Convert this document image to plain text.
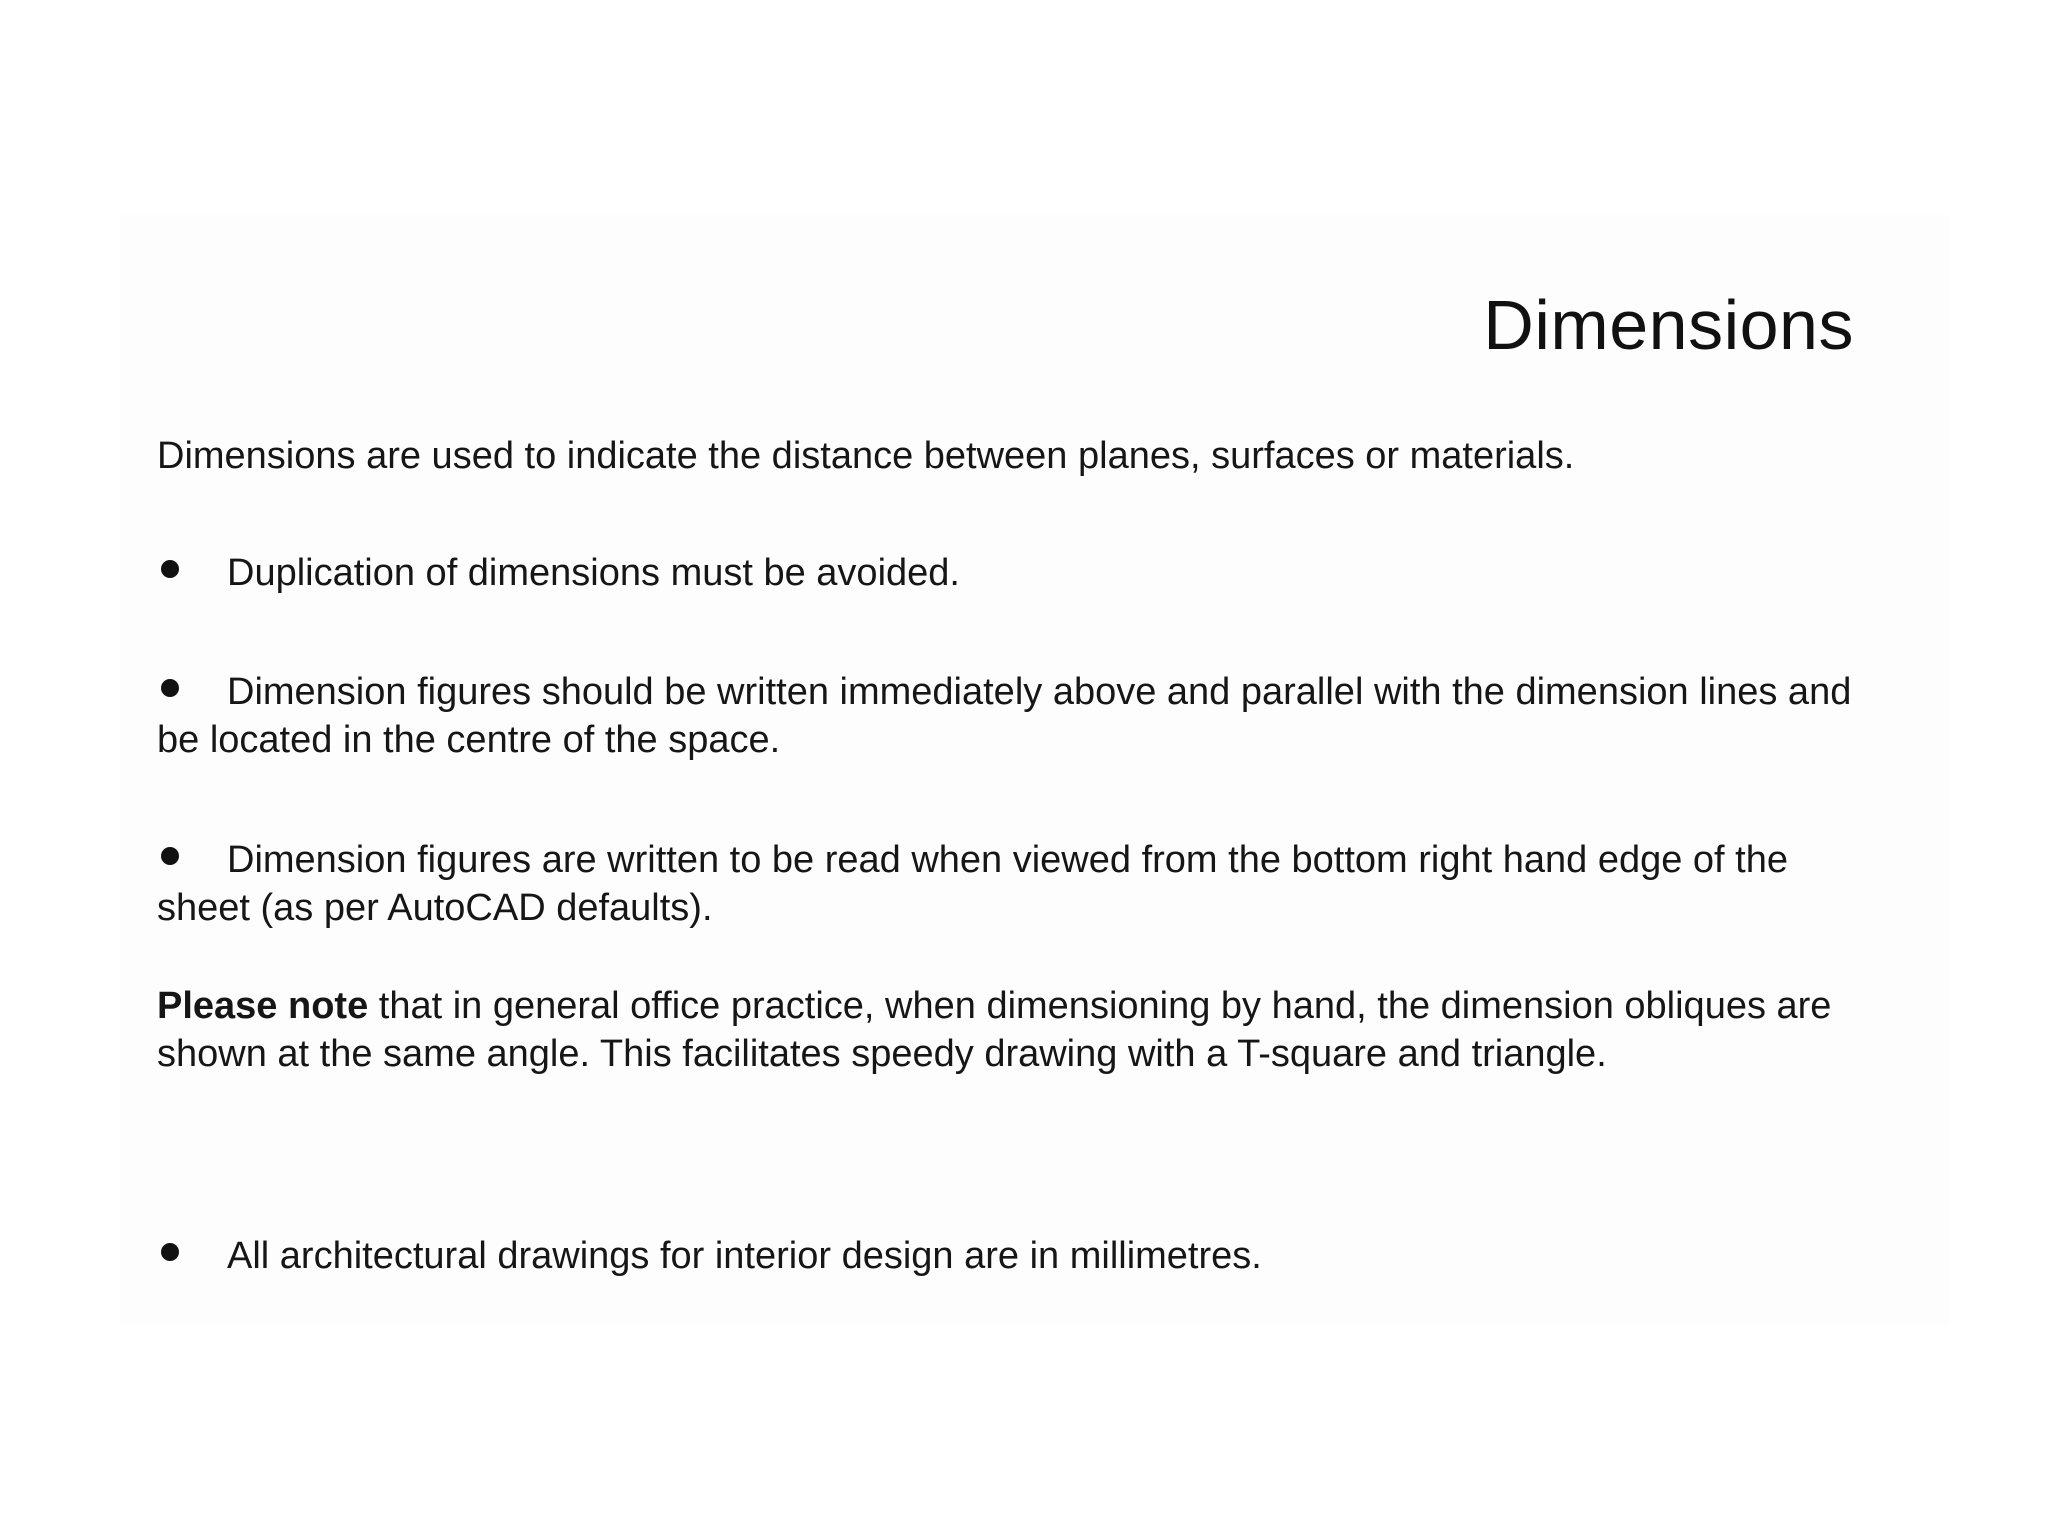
Dimensions

Dimensions are used to indicate the distance between planes, surfaces or materials.

Duplication of dimensions must be avoided.

Dimension figures should be written immediately above and parallel with the dimension lines and be located in the centre of the space.

Dimension figures are written to be read when viewed from the bottom right hand edge of the sheet (as per AutoCAD defaults).

Please note that in general office practice, when dimensioning by hand, the dimension obliques are shown at the same angle. This facilitates speedy drawing with a T-square and triangle.

All architectural drawings for interior design are in millimetres.
